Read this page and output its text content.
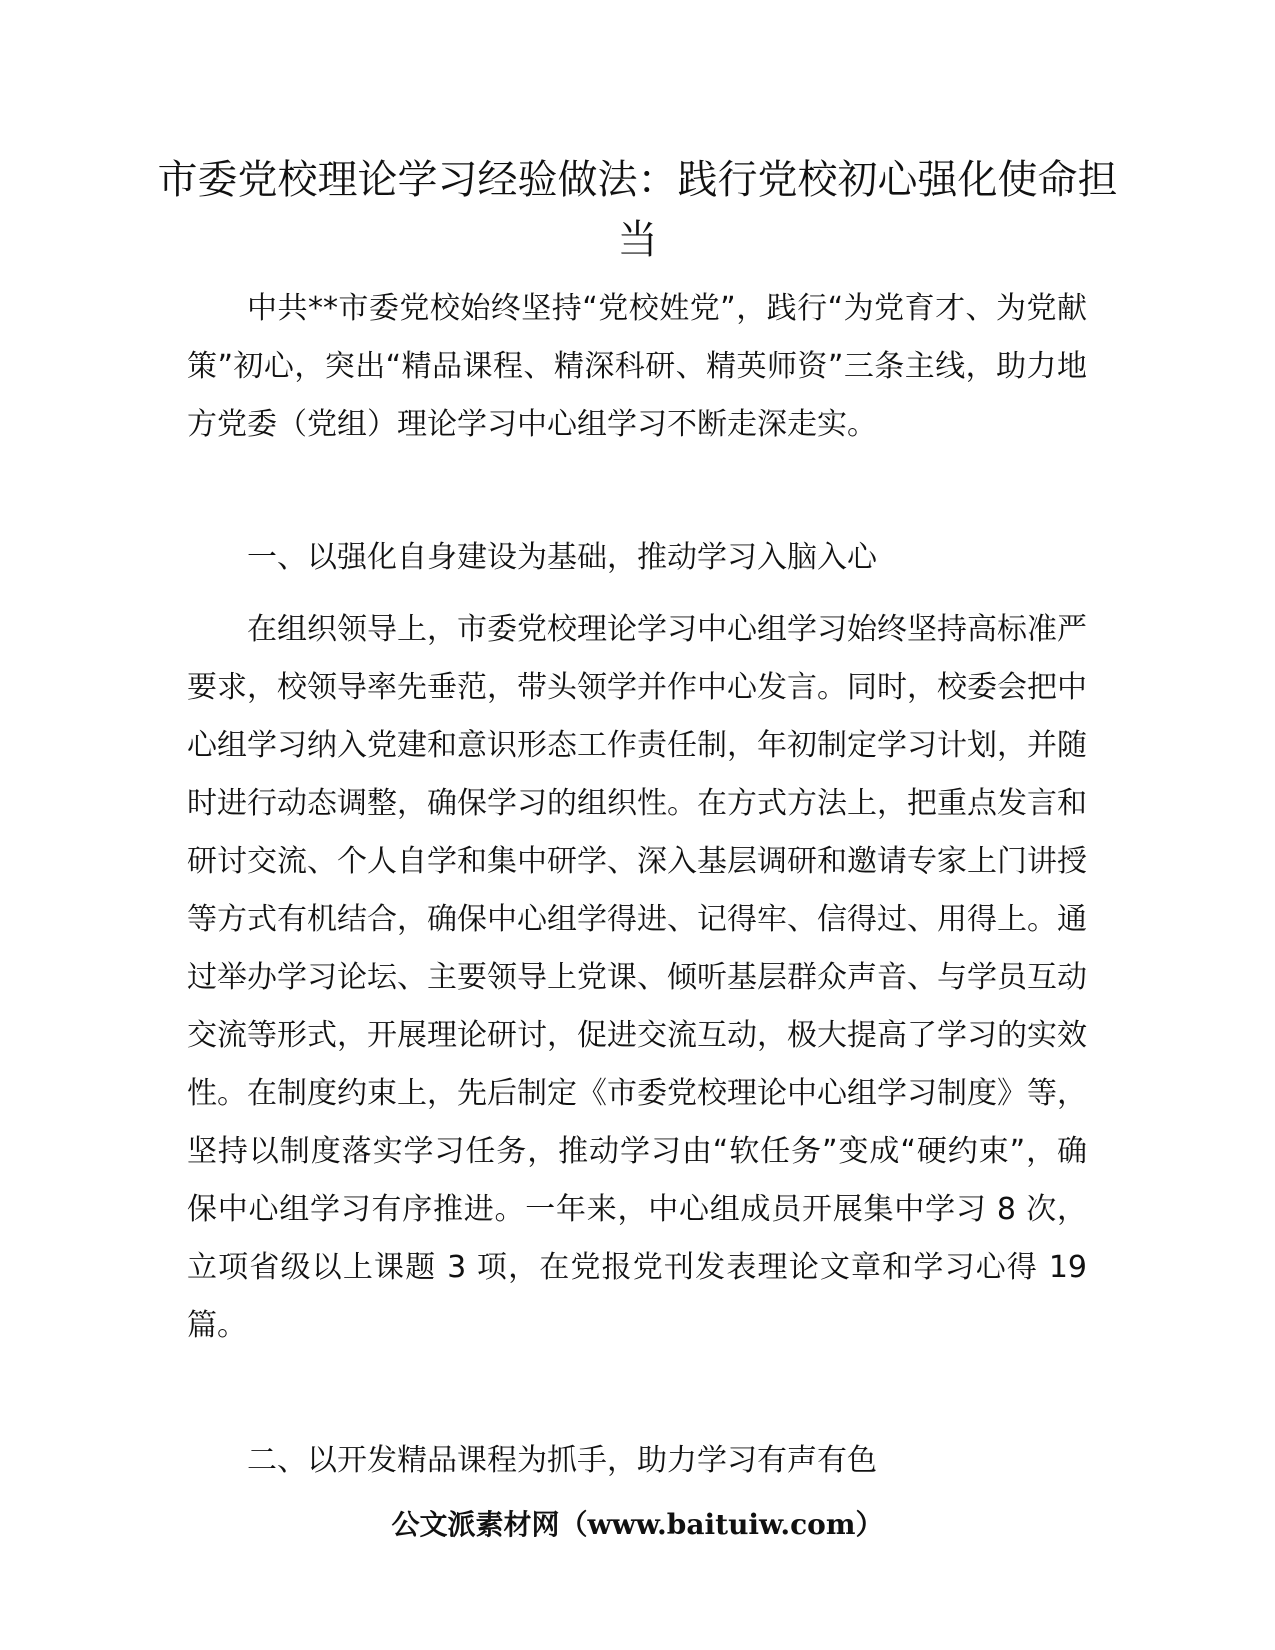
市委党校理论学习经验做法：践行党校初心强化使命担当

中共**市委党校始终坚持“党校姓党”，践行“为党育才、为党献策”初心，突出“精品课程、精深科研、精英师资”三条主线，助力地方党委（党组）理论学习中心组学习不断走深走实。

一、以强化自身建设为基础，推动学习入脑入心

在组织领导上，市委党校理论学习中心组学习始终坚持高标准严要求，校领导率先垂范，带头领学并作中心发言。同时，校委会把中心组学习纳入党建和意识形态工作责任制，年初制定学习计划，并随时进行动态调整，确保学习的组织性。在方式方法上，把重点发言和研讨交流、个人自学和集中研学、深入基层调研和邀请专家上门讲授等方式有机结合，确保中心组学得进、记得牢、信得过、用得上。通过举办学习论坛、主要领导上党课、倾听基层群众声音、与学员互动交流等形式，开展理论研讨，促进交流互动，极大提高了学习的实效性。在制度约束上，先后制定《市委党校理论中心组学习制度》等，坚持以制度落实学习任务，推动学习由“软任务”变成“硬约束”，确保中心组学习有序推进。一年来，中心组成员开展集中学习 8 次，立项省级以上课题 3 项，在党报党刊发表理论文章和学习心得 19 篇。

二、以开发精品课程为抓手，助力学习有声有色

公文派素材网（www.baituiw.com）
